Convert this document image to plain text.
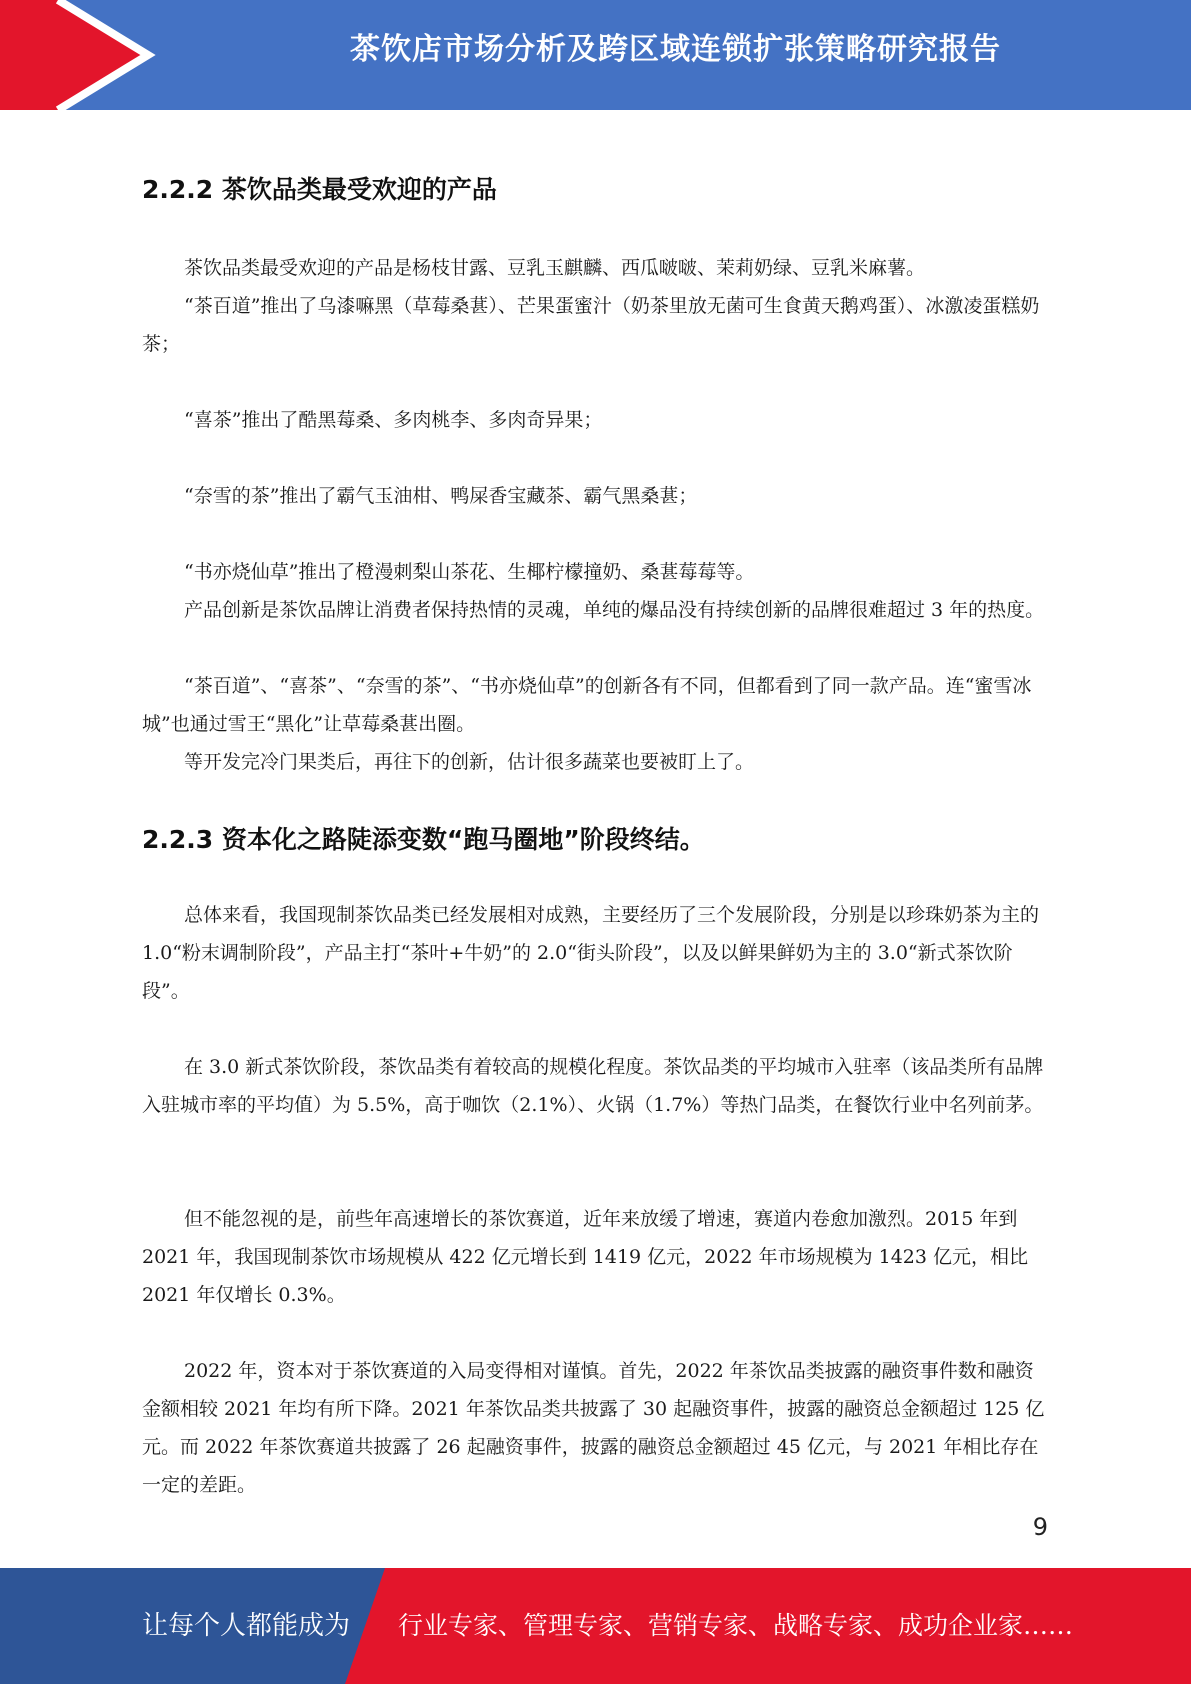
茶饮店市场分析及跨区域连锁扩张策略研究报告
2.2.2 茶饮品类最受欢迎的产品

茶饮品类最受欢迎的产品是杨枝甘露、豆乳玉麒麟、西瓜啵啵、茉莉奶绿、豆乳米麻薯。

“茶百道”推出了乌漆嘛黑（草莓桑葚）、芒果蛋蜜汁（奶茶里放无菌可生食黄天鹅鸡蛋）、冰激凌蛋糕奶茶；

“喜茶”推出了酷黑莓桑、多肉桃李、多肉奇异果；

“奈雪的茶”推出了霸气玉油柑、鸭屎香宝藏茶、霸气黑桑葚；

“书亦烧仙草”推出了橙漫刺梨山茶花、生椰柠檬撞奶、桑葚莓莓等。

产品创新是茶饮品牌让消费者保持热情的灵魂，单纯的爆品没有持续创新的品牌很难超过 3 年的热度。

“茶百道”、“喜茶”、“奈雪的茶”、“书亦烧仙草”的创新各有不同，但都看到了同一款产品。连“蜜雪冰城”也通过雪王“黑化”让草莓桑葚出圈。

等开发完冷门果类后，再往下的创新，估计很多蔬菜也要被盯上了。

2.2.3 资本化之路陡添变数“跑马圈地”阶段终结。

总体来看，我国现制茶饮品类已经发展相对成熟，主要经历了三个发展阶段，分别是以珍珠奶茶为主的 1.0“粉末调制阶段”，产品主打“茶叶+牛奶”的 2.0“街头阶段”，以及以鲜果鲜奶为主的 3.0“新式茶饮阶段”。

在 3.0 新式茶饮阶段，茶饮品类有着较高的规模化程度。茶饮品类的平均城市入驻率（该品类所有品牌入驻城市率的平均值）为 5.5%，高于咖饮（2.1%）、火锅（1.7%）等热门品类，在餐饮行业中名列前茅。

但不能忽视的是，前些年高速增长的茶饮赛道，近年来放缓了增速，赛道内卷愈加激烈。2015 年到 2021 年，我国现制茶饮市场规模从 422 亿元增长到 1419 亿元，2022 年市场规模为 1423 亿元，相比 2021 年仅增长 0.3%。

2022 年，资本对于茶饮赛道的入局变得相对谨慎。首先，2022 年茶饮品类披露的融资事件数和融资金额相较 2021 年均有所下降。2021 年茶饮品类共披露了 30 起融资事件，披露的融资总金额超过 125 亿元。而 2022 年茶饮赛道共披露了 26 起融资事件，披露的融资总金额超过 45 亿元，与 2021 年相比存在一定的差距。

9
让每个人都能成为 行业专家、管理专家、营销专家、战略专家、成功企业家……
